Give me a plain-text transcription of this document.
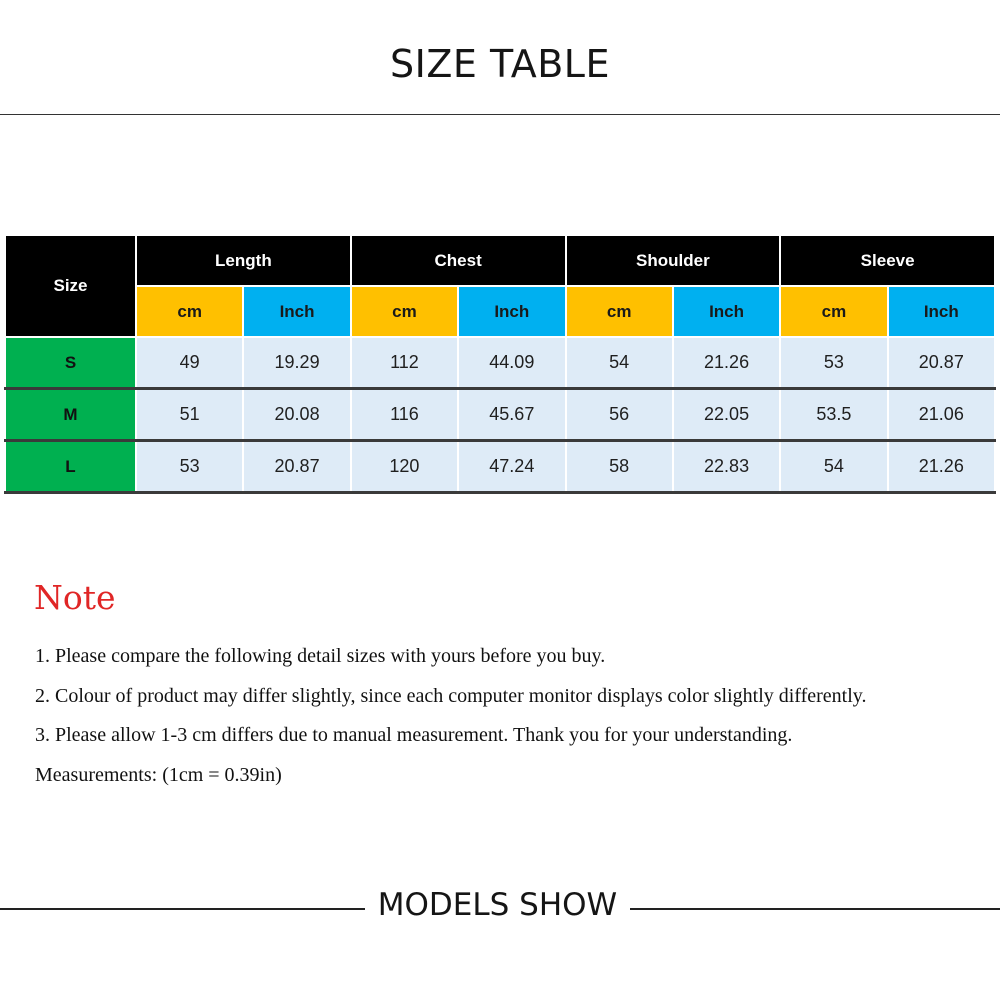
SIZE TABLE
Size	Length		Chest		Shoulder		Sleeve	
	cm	Inch	cm	Inch	cm	Inch	cm	Inch
S	49	19.29	112	44.09	54	21.26	53	20.87
M	51	20.08	116	45.67	56	22.05	53.5	21.06
L	53	20.87	120	47.24	58	22.83	54	21.26
Note
1. Please compare the following detail sizes with yours before you buy.
2. Colour of product may differ slightly, since each computer monitor displays color slightly differently.
3. Please allow 1-3 cm differs due to manual measurement. Thank you for your understanding.
Measurements: (1cm = 0.39in)
MODELS SHOW
